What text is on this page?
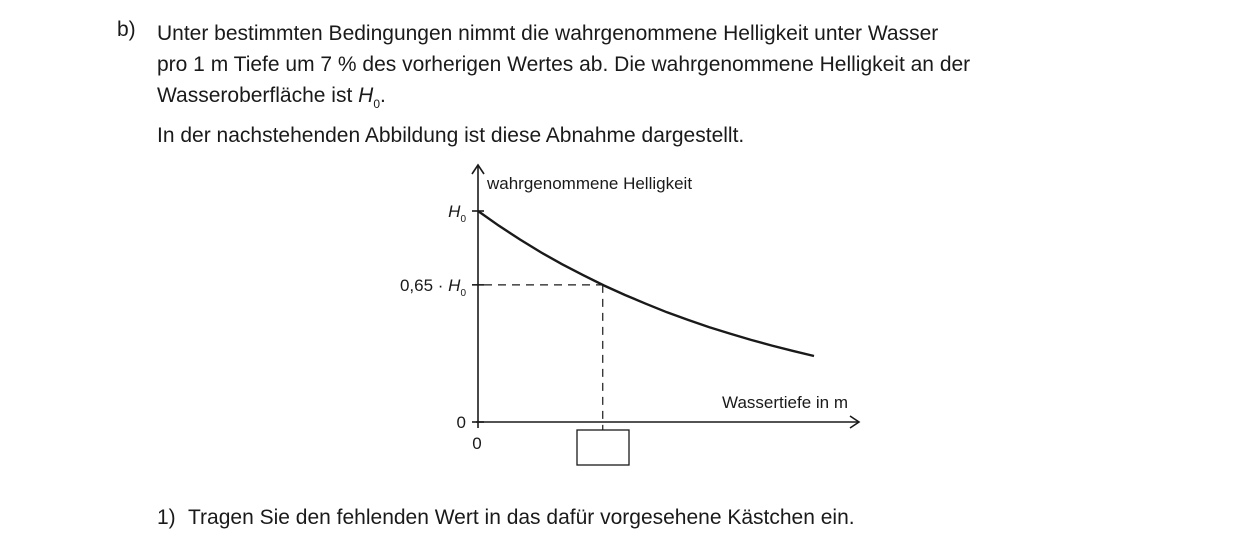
b) Unter bestimmten Bedingungen nimmt die wahrgenommene Helligkeit unter Wasser
pro 1 m Tiefe um 7 % des vorherigen Wertes ab. Die wahrgenommene Helligkeit an der
Wasseroberfläche ist $H_0$.
In der nachstehenden Abbildung ist diese Abnahme dargestellt.
wahrgenommene Helligkeit
Wassertiefe in m
$H_0$
$0,65 \cdot H_0$
0
0
1) Tragen Sie den fehlenden Wert in das dafür vorgesehene Kästchen ein.
